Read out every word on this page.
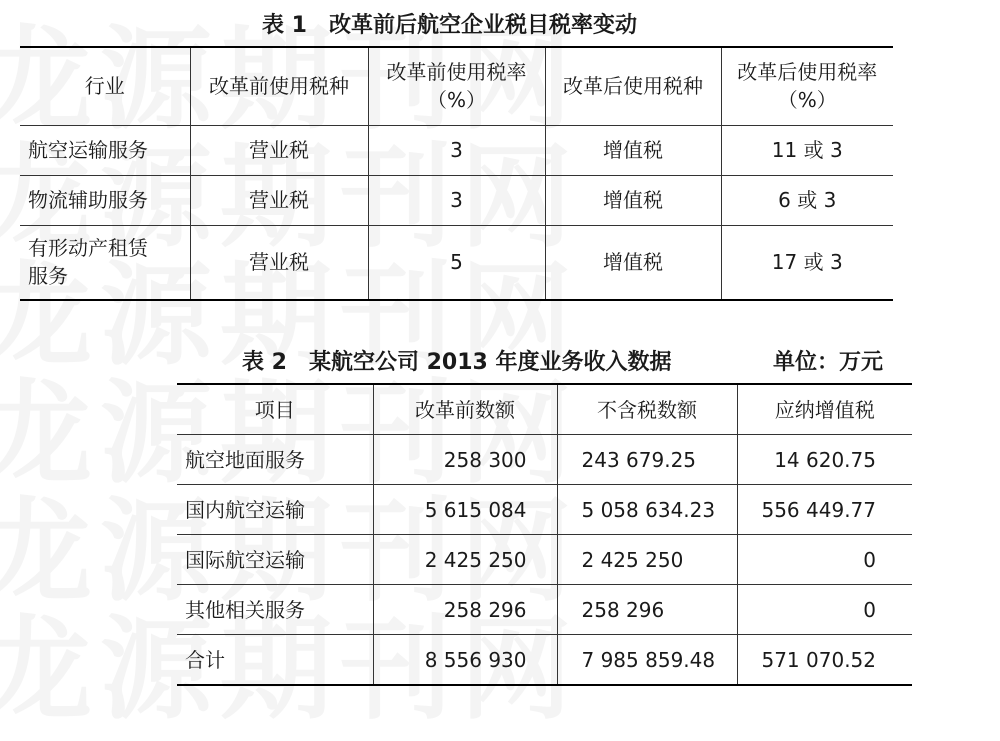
表 1　改革前后航空企业税目税率变动
行业	改革前使用税种	改革前使用税率（%）	改革后使用税种	改革后使用税率（%）
航空运输服务	营业税	3	增值税	11 或 3
物流辅助服务	营业税	3	增值税	6 或 3
有形动产租赁服务	营业税	5	增值税	17 或 3
表 2　某航空公司 2013 年度业务收入数据	单位：万元
项目	改革前数额	不含税数额	应纳增值税
航空地面服务	258 300	243 679.25	14 620.75
国内航空运输	5 615 084	5 058 634.23	556 449.77
国际航空运输	2 425 250	2 425 250	0
其他相关服务	258 296	258 296	0
合计	8 556 930	7 985 859.48	571 070.52
